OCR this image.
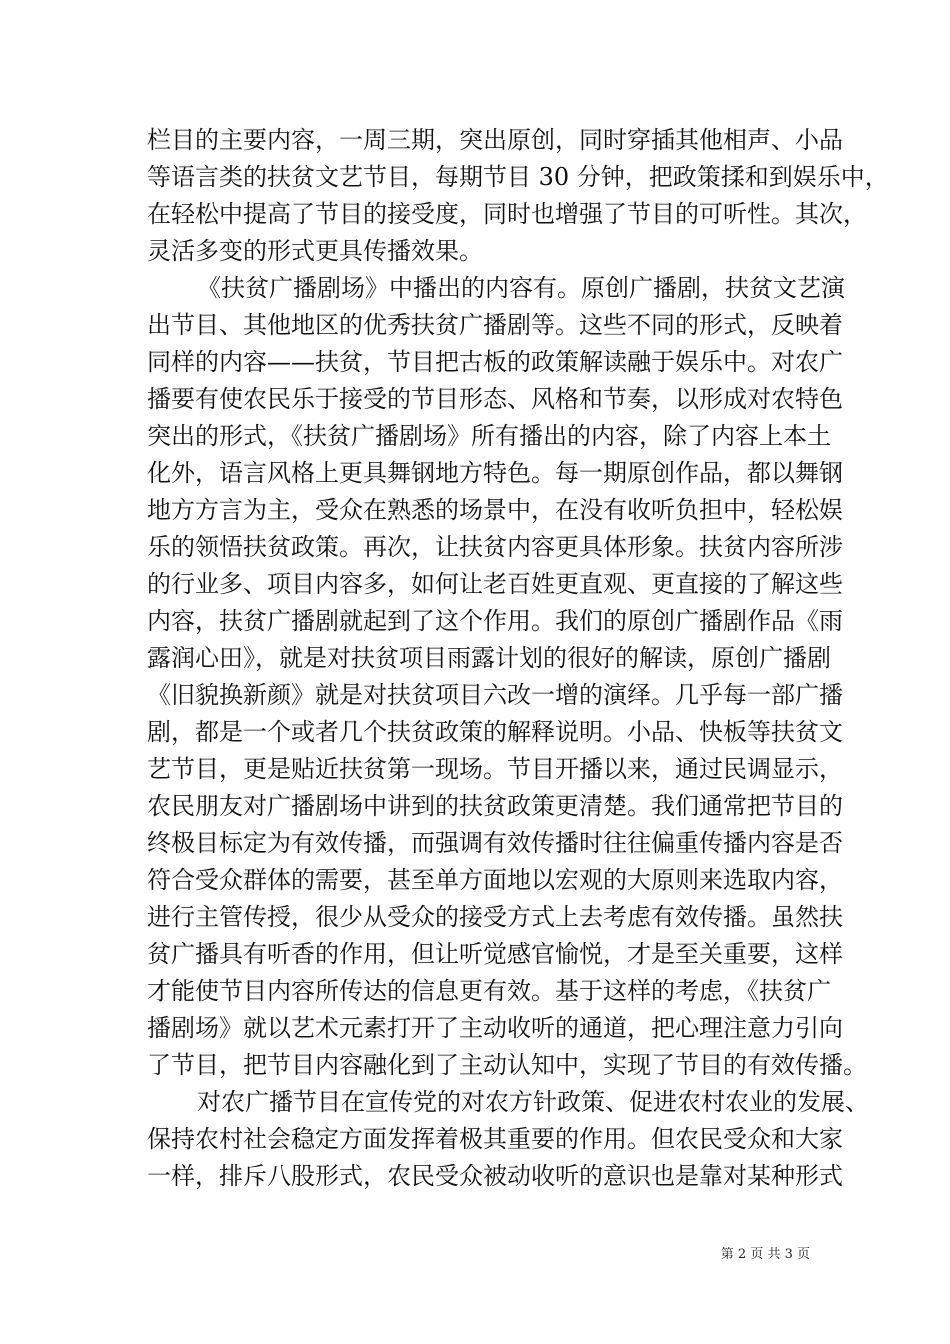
栏目的主要内容，一周三期，突出原创，同时穿插其他相声、小品
等语言类的扶贫文艺节目，每期节目 30 分钟，把政策揉和到娱乐中，
在轻松中提高了节目的接受度，同时也增强了节目的可听性。其次，
灵活多变的形式更具传播效果。
《扶贫广播剧场》中播出的内容有。原创广播剧，扶贫文艺演
出节目、其他地区的优秀扶贫广播剧等。这些不同的形式，反映着
同样的内容——扶贫，节目把古板的政策解读融于娱乐中。对农广
播要有使农民乐于接受的节目形态、风格和节奏，以形成对农特色
突出的形式，《扶贫广播剧场》所有播出的内容，除了内容上本土
化外，语言风格上更具舞钢地方特色。每一期原创作品，都以舞钢
地方方言为主，受众在熟悉的场景中，在没有收听负担中，轻松娱
乐的领悟扶贫政策。再次，让扶贫内容更具体形象。扶贫内容所涉
的行业多、项目内容多，如何让老百姓更直观、更直接的了解这些
内容，扶贫广播剧就起到了这个作用。我们的原创广播剧作品《雨
露润心田》，就是对扶贫项目雨露计划的很好的解读，原创广播剧
《旧貌换新颜》就是对扶贫项目六改一增的演绎。几乎每一部广播
剧，都是一个或者几个扶贫政策的解释说明。小品、快板等扶贫文
艺节目，更是贴近扶贫第一现场。节目开播以来，通过民调显示，
农民朋友对广播剧场中讲到的扶贫政策更清楚。我们通常把节目的
终极目标定为有效传播，而强调有效传播时往往偏重传播内容是否
符合受众群体的需要，甚至单方面地以宏观的大原则来选取内容，
进行主管传授，很少从受众的接受方式上去考虑有效传播。虽然扶
贫广播具有听香的作用，但让听觉感官愉悦，才是至关重要，这样
才能使节目内容所传达的信息更有效。基于这样的考虑，《扶贫广
播剧场》就以艺术元素打开了主动收听的通道，把心理注意力引向
了节目，把节目内容融化到了主动认知中，实现了节目的有效传播。
对农广播节目在宣传党的对农方针政策、促进农村农业的发展、
保持农村社会稳定方面发挥着极其重要的作用。但农民受众和大家
一样，排斥八股形式，农民受众被动收听的意识也是靠对某种形式
第 2 页 共 3 页
